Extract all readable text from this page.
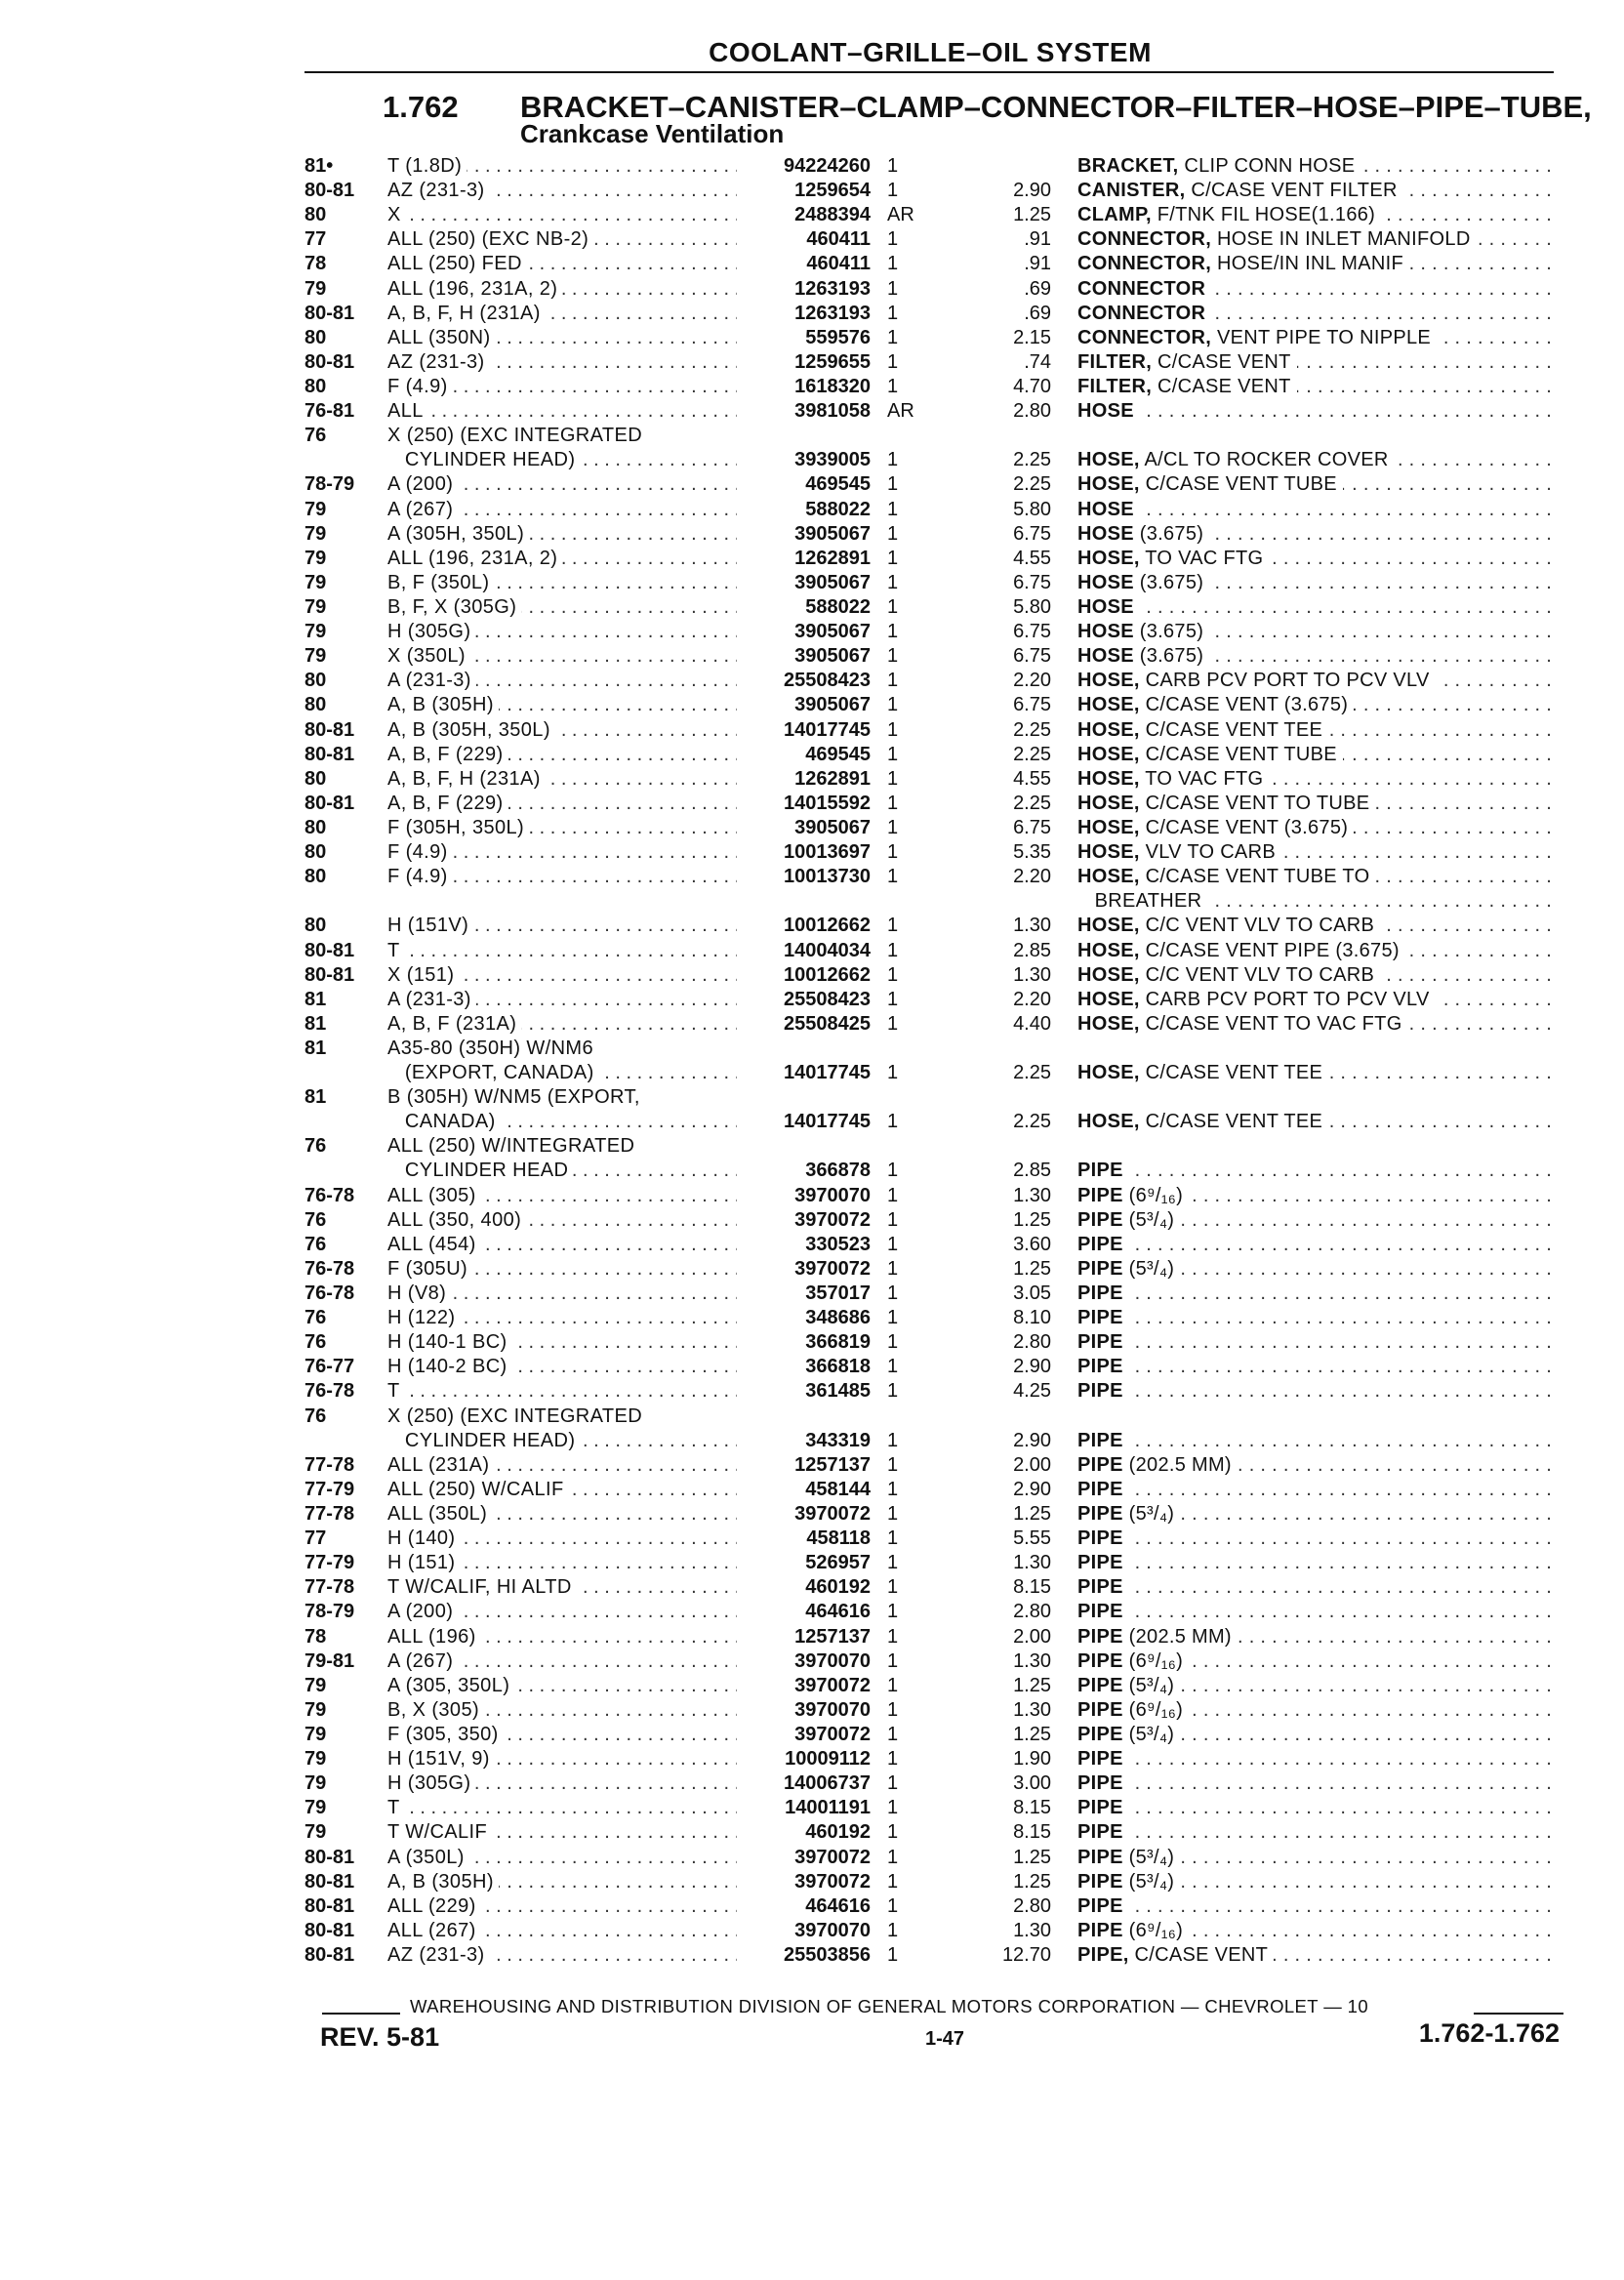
COOLANT–GRILLE–OIL SYSTEM
1.762 BRACKET–CANISTER–CLAMP–CONNECTOR–FILTER–HOSE–PIPE–TUBE,
Crankcase Ventilation
81•	T (1.8D) . . .	94224260 1	BRACKET, CLIP CONN HOSE . . .
80-81 AZ (231-3) . . .	1259654 1	2.90 CANISTER, C/CASE VENT FILTER . . .
80	X . . .	2488394 AR	1.25 CLAMP, F/TNK FIL HOSE(1.166) . . .
77	ALL (250) (EXC NB-2) . . .	460411 1	.91 CONNECTOR, HOSE IN INLET MANIFOLD . . .
78	ALL (250) FED . . .	460411 1	.91 CONNECTOR, HOSE/IN INL MANIF . . .
79	ALL (196, 231A, 2) . . .	1263193 1	.69 CONNECTOR . . .
80-81 A, B, F, H (231A) . . .	1263193 1	.69 CONNECTOR . . .
80	ALL (350N) . . .	559576 1	2.15 CONNECTOR, VENT PIPE TO NIPPLE . . .
80-81 AZ (231-3) . . .	1259655 1	.74 FILTER, C/CASE VENT . . .
80	F (4.9) . . .	1618320 1	4.70 FILTER, C/CASE VENT . . .
76-81 ALL . . .	3981058 AR	2.80 HOSE . . .
76	X (250) (EXC INTEGRATED
CYLINDER HEAD) . . .	3939005 1	2.25 HOSE, A/CL TO ROCKER COVER . . .
78-79 A (200) . . .	469545 1	2.25 HOSE, C/CASE VENT TUBE . . .
79	A (267) . . .	588022 1	5.80 HOSE . . .
79	A (305H, 350L) . . .	3905067 1	6.75 HOSE (3.675) . . .
79	ALL (196, 231A, 2) . . .	1262891 1	4.55 HOSE, TO VAC FTG . . .
79	B, F (350L) . . .	3905067 1	6.75 HOSE (3.675) . . .
79	B, F, X (305G) . . .	588022 1	5.80 HOSE . . .
79	H (305G) . . .	3905067 1	6.75 HOSE (3.675) . . .
79	X (350L) . . .	3905067 1	6.75 HOSE (3.675) . . .
80	A (231-3) . . .	25508423 1	2.20 HOSE, CARB PCV PORT TO PCV VLV . . .
80	A, B (305H) . . .	3905067 1	6.75 HOSE, C/CASE VENT (3.675) . . .
80-81 A, B (305H, 350L) . . .	14017745 1	2.25 HOSE, C/CASE VENT TEE . . .
80-81 A, B, F (229) . . .	469545 1	2.25 HOSE, C/CASE VENT TUBE . . .
80	A, B, F, H (231A) . . .	1262891 1	4.55 HOSE, TO VAC FTG . . .
80-81 A, B, F (229) . . .	14015592 1	2.25 HOSE, C/CASE VENT TO TUBE . . .
80	F (305H, 350L) . . .	3905067 1	6.75 HOSE, C/CASE VENT (3.675) . . .
80	F (4.9) . . .	10013697 1	5.35 HOSE, VLV TO CARB . . .
80	F (4.9) . . .	10013730 1	2.20 HOSE, C/CASE VENT TUBE TO . . .
BREATHER . . .
80	H (151V) . . .	10012662 1	1.30 HOSE, C/C VENT VLV TO CARB . . .
80-81 T . . .	14004034 1	2.85 HOSE, C/CASE VENT PIPE (3.675) . . .
80-81 X (151) . . .	10012662 1	1.30 HOSE, C/C VENT VLV TO CARB . . .
81	A (231-3) . . .	25508423 1	2.20 HOSE, CARB PCV PORT TO PCV VLV . . .
81	A, B, F (231A) . . .	25508425 1	4.40 HOSE, C/CASE VENT TO VAC FTG . . .
81	A35-80 (350H) W/NM6
(EXPORT, CANADA) . . .	14017745 1	2.25 HOSE, C/CASE VENT TEE . . .
81	B (305H) W/NM5 (EXPORT,
CANADA) . . .	14017745 1	2.25 HOSE, C/CASE VENT TEE . . .
76	ALL (250) W/INTEGRATED
CYLINDER HEAD . . .	366878 1	2.85 PIPE . . .
76-78 ALL (305) . . .	3970070 1	1.30 PIPE (6⁹/₁₆) . . .
76	ALL (350, 400) . . .	3970072 1	1.25 PIPE (5³/₄) . . .
76	ALL (454) . . .	330523 1	3.60 PIPE . . .
76-78 F (305U) . . .	3970072 1	1.25 PIPE (5³/₄) . . .
76-78 H (V8) . . .	357017 1	3.05 PIPE . . .
76	H (122) . . .	348686 1	8.10 PIPE . . .
76	H (140-1 BC) . . .	366819 1	2.80 PIPE . . .
76-77 H (140-2 BC) . . .	366818 1	2.90 PIPE . . .
76-78 T . . .	361485 1	4.25 PIPE . . .
76	X (250) (EXC INTEGRATED
CYLINDER HEAD) . . .	343319 1	2.90 PIPE . . .
77-78 ALL (231A) . . .	1257137 1	2.00 PIPE (202.5 MM) . . .
77-79 ALL (250) W/CALIF . . .	458144 1	2.90 PIPE . . .
77-78 ALL (350L) . . .	3970072 1	1.25 PIPE (5³/₄) . . .
77	H (140) . . .	458118 1	5.55 PIPE . . .
77-79 H (151) . . .	526957 1	1.30 PIPE . . .
77-78 T W/CALIF, HI ALTD . . .	460192 1	8.15 PIPE . . .
78-79 A (200) . . .	464616 1	2.80 PIPE . . .
78	ALL (196) . . .	1257137 1	2.00 PIPE (202.5 MM) . . .
79-81 A (267) . . .	3970070 1	1.30 PIPE (6⁹/₁₆) . . .
79	A (305, 350L) . . .	3970072 1	1.25 PIPE (5³/₄) . . .
79	B, X (305) . . .	3970070 1	1.30 PIPE (6⁹/₁₆) . . .
79	F (305, 350) . . .	3970072 1	1.25 PIPE (5³/₄) . . .
79	H (151V, 9) . . .	10009112 1	1.90 PIPE . . .
79	H (305G) . . .	14006737 1	3.00 PIPE . . .
79	T . . .	14001191 1	8.15 PIPE . . .
79	T W/CALIF . . .	460192 1	8.15 PIPE . . .
80-81 A (350L) . . .	3970072 1	1.25 PIPE (5³/₄) . . .
80-81 A, B (305H) . . .	3970072 1	1.25 PIPE (5³/₄) . . .
80-81 ALL (229) . . .	464616 1	2.80 PIPE . . .
80-81 ALL (267) . . .	3970070 1	1.30 PIPE (6⁹/₁₆) . . .
80-81 AZ (231-3) . . .	25503856 1	12.70 PIPE, C/CASE VENT . . .
WAREHOUSING AND DISTRIBUTION DIVISION OF GENERAL MOTORS CORPORATION — CHEVROLET — 10
REV. 5-81	1-47	1.762-1.762
